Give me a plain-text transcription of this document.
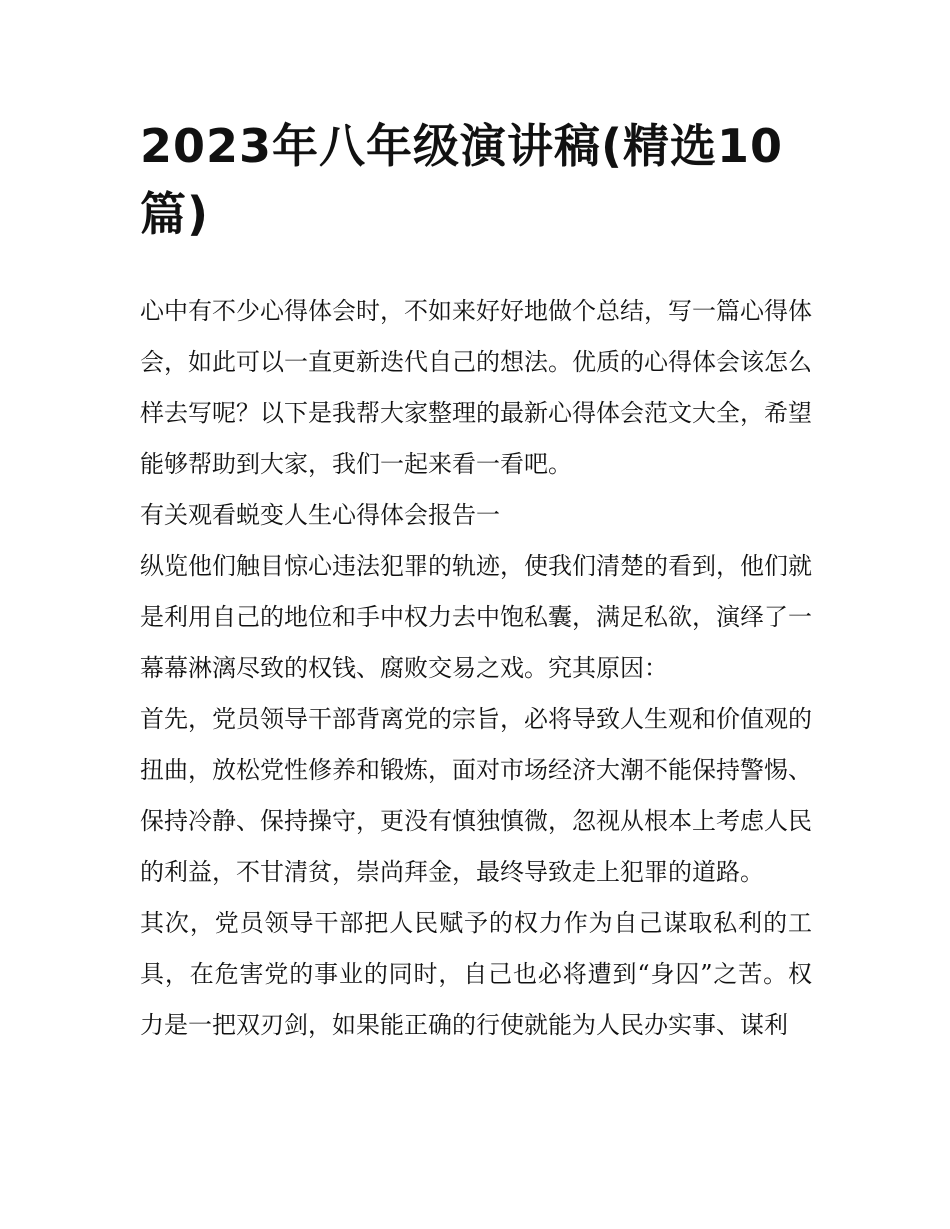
2023年八年级演讲稿(精选10篇)

心中有不少心得体会时，不如来好好地做个总结，写一篇心得体会，如此可以一直更新迭代自己的想法。优质的心得体会该怎么样去写呢？以下是我帮大家整理的最新心得体会范文大全，希望能够帮助到大家，我们一起来看一看吧。

有关观看蜕变人生心得体会报告一

纵览他们触目惊心违法犯罪的轨迹，使我们清楚的看到，他们就是利用自己的地位和手中权力去中饱私囊，满足私欲，演绎了一幕幕淋漓尽致的权钱、腐败交易之戏。究其原因：

首先，党员领导干部背离党的宗旨，必将导致人生观和价值观的扭曲，放松党性修养和锻炼，面对市场经济大潮不能保持警惕、保持冷静、保持操守，更没有慎独慎微，忽视从根本上考虑人民的利益，不甘清贫，崇尚拜金，最终导致走上犯罪的道路。

其次，党员领导干部把人民赋予的权力作为自己谋取私利的工具，在危害党的事业的同时，自己也必将遭到“身囚”之苦。权力是一把双刃剑，如果能正确的行使就能为人民办实事、谋利
